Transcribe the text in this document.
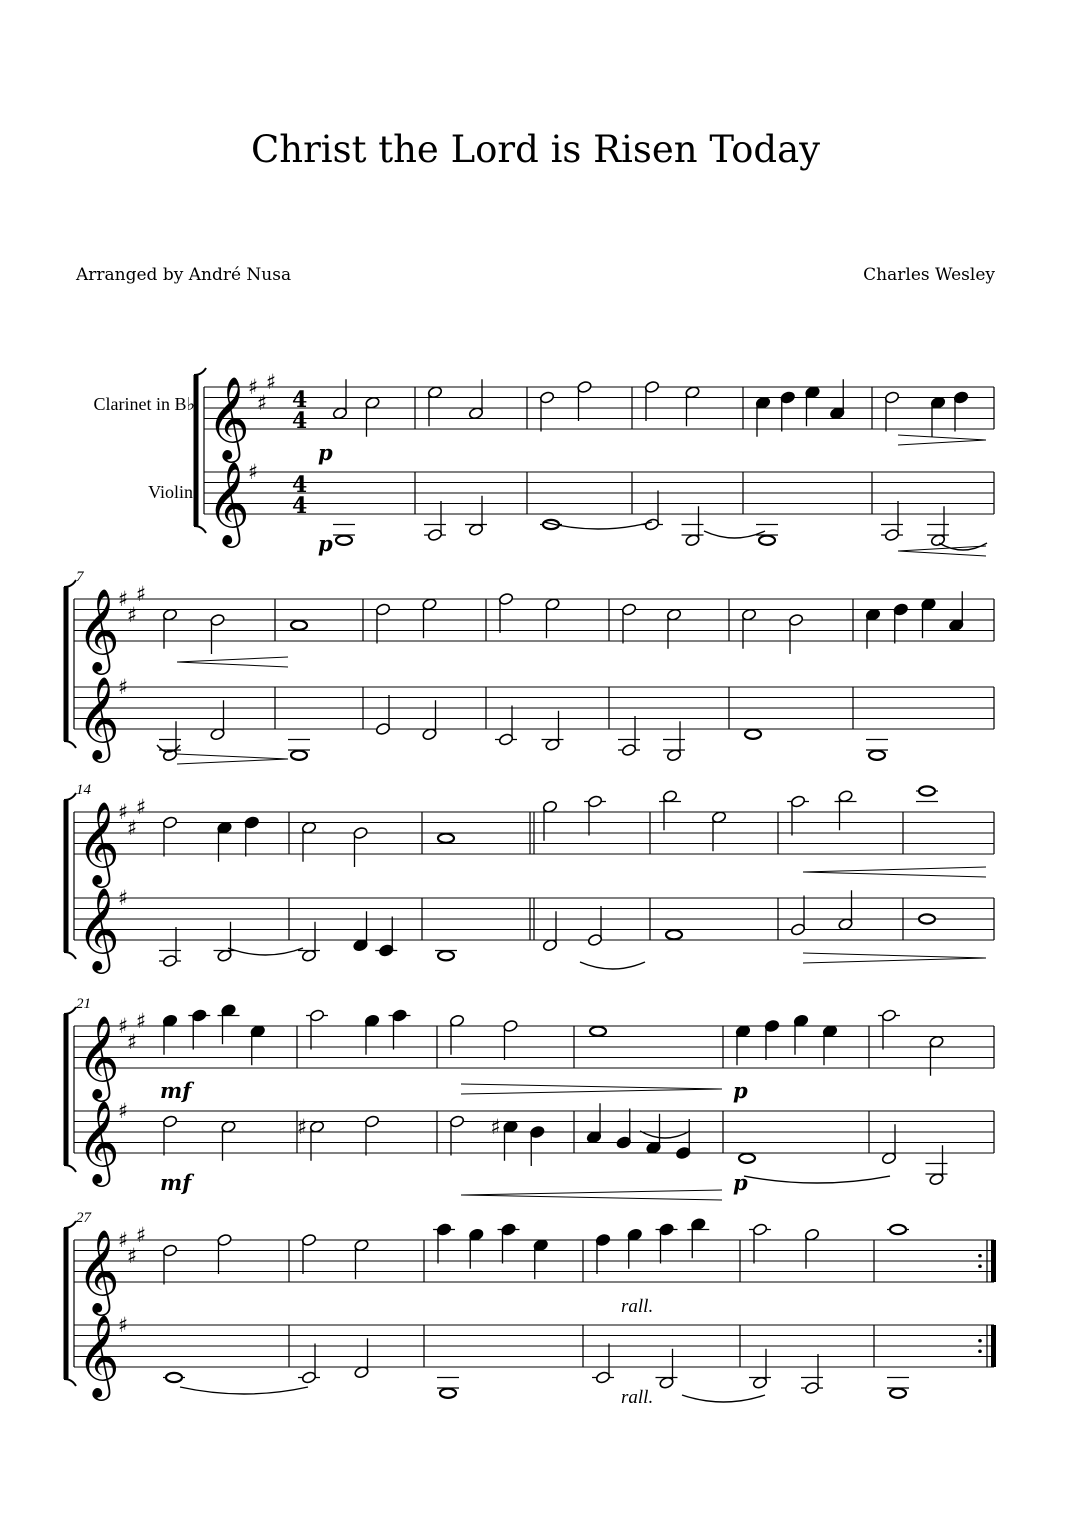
Christ the Lord is Risen Today
Arranged by André Nusa	Charles Wesley
𝄞
♯
♯
♯
4
4
𝄞
♯ 4
4
Clarinet in B♭
Violin
p
p
𝄞
♯
♯
♯
𝄞
♯
7
𝄞
♯
♯
♯
𝄞
♯
14
𝄞
♯
♯
♯
𝄞
♯
♯	♯
21
mf	p
mf	p
𝄞
♯
♯
♯
𝄞
♯
27
rall.
rall.
